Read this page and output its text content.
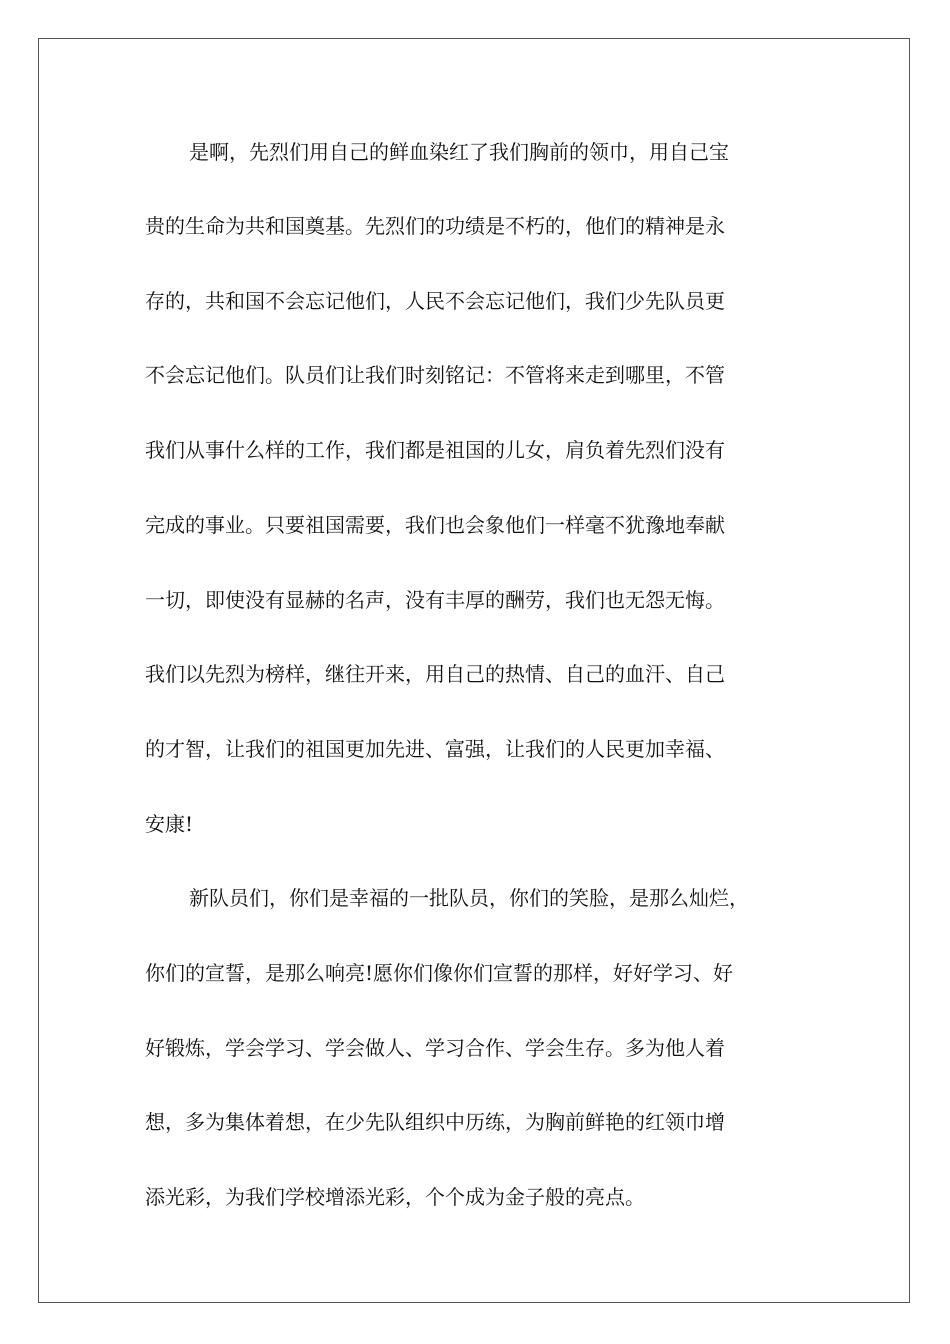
是啊，先烈们用自己的鲜血染红了我们胸前的领巾，用自己宝
贵的生命为共和国奠基。先烈们的功绩是不朽的，他们的精神是永
存的，共和国不会忘记他们，人民不会忘记他们，我们少先队员更
不会忘记他们。队员们让我们时刻铭记：不管将来走到哪里，不管
我们从事什么样的工作，我们都是祖国的儿女，肩负着先烈们没有
完成的事业。只要祖国需要，我们也会象他们一样毫不犹豫地奉献
一切，即使没有显赫的名声，没有丰厚的酬劳，我们也无怨无悔。
我们以先烈为榜样，继往开来，用自己的热情、自己的血汗、自己
的才智，让我们的祖国更加先进、富强，让我们的人民更加幸福、
安康!
新队员们，你们是幸福的一批队员，你们的笑脸，是那么灿烂，
你们的宣誓，是那么响亮!愿你们像你们宣誓的那样，好好学习、好
好锻炼，学会学习、学会做人、学习合作、学会生存。多为他人着
想，多为集体着想，在少先队组织中历练，为胸前鲜艳的红领巾增
添光彩，为我们学校增添光彩，个个成为金子般的亮点。
